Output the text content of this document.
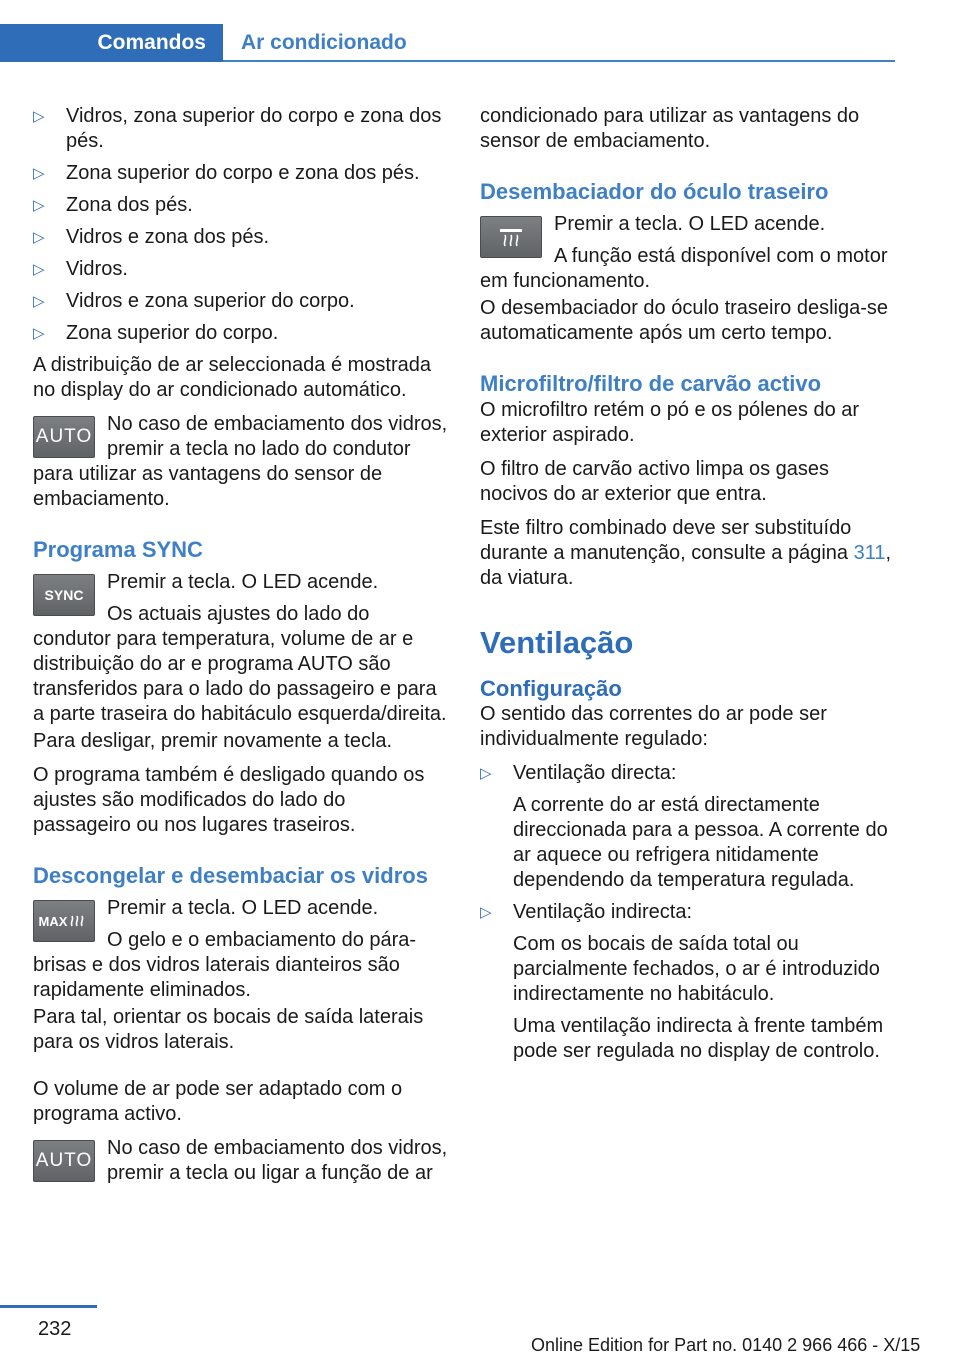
Comandos	Ar condicionado
▷ Vidros, zona superior do corpo e zona dos pés.
▷ Zona superior do corpo e zona dos pés.
▷ Zona dos pés.
▷ Vidros e zona dos pés.
▷ Vidros.
▷ Vidros e zona superior do corpo.
▷ Zona superior do corpo.

A distribuição de ar seleccionada é mostrada no display do ar condicionado automático.

AUTO
No caso de embaciamento dos vidros, premir a tecla no lado do condutor para utilizar as vantagens do sensor de embaciamento.
Programa SYNC
SYNC
Premir a tecla. O LED acende.
Os actuais ajustes do lado do condutor para temperatura, volume de ar e distribuição do ar e programa AUTO são transferidos para o lado do passageiro e para a parte traseira do habitáculo esquerda/direita.

Para desligar, premir novamente a tecla.

O programa também é desligado quando os ajustes são modificados do lado do passageiro ou nos lugares traseiros.

Descongelar e desembaciar os vidros
MAX
Premir a tecla. O LED acende.
O gelo e o embaciamento do pára-brisas e dos vidros laterais dianteiros são rapidamente eliminados.

Para tal, orientar os bocais de saída laterais para os vidros laterais.

O volume de ar pode ser adaptado com o programa activo.

AUTO
No caso de embaciamento dos vidros, premir a tecla ou ligar a função de ar

condicionado para utilizar as vantagens do sensor de embaciamento.

Desembaciador do óculo traseiro
Premir a tecla. O LED acende.
A função está disponível com o motor em funcionamento.

O desembaciador do óculo traseiro desliga-se automaticamente após um certo tempo.

Microfiltro/filtro de carvão activo

O microfiltro retém o pó e os pólenes do ar exterior aspirado.

O filtro de carvão activo limpa os gases nocivos do ar exterior que entra.

Este filtro combinado deve ser substituído durante a manutenção, consulte a página 311, da viatura.

Ventilação
Configuração

O sentido das correntes do ar pode ser individualmente regulado:

▷ Ventilação directa:
A corrente do ar está directamente direccionada para a pessoa. A corrente do ar aquece ou refrigera nitidamente dependendo da temperatura regulada.
▷ Ventilação indirecta:
Com os bocais de saída total ou parcialmente fechados, o ar é introduzido indirectamente no habitáculo.
Uma ventilação indirecta à frente também pode ser regulada no display de controlo.
232
Online Edition for Part no. 0140 2 966 466 - X/15
